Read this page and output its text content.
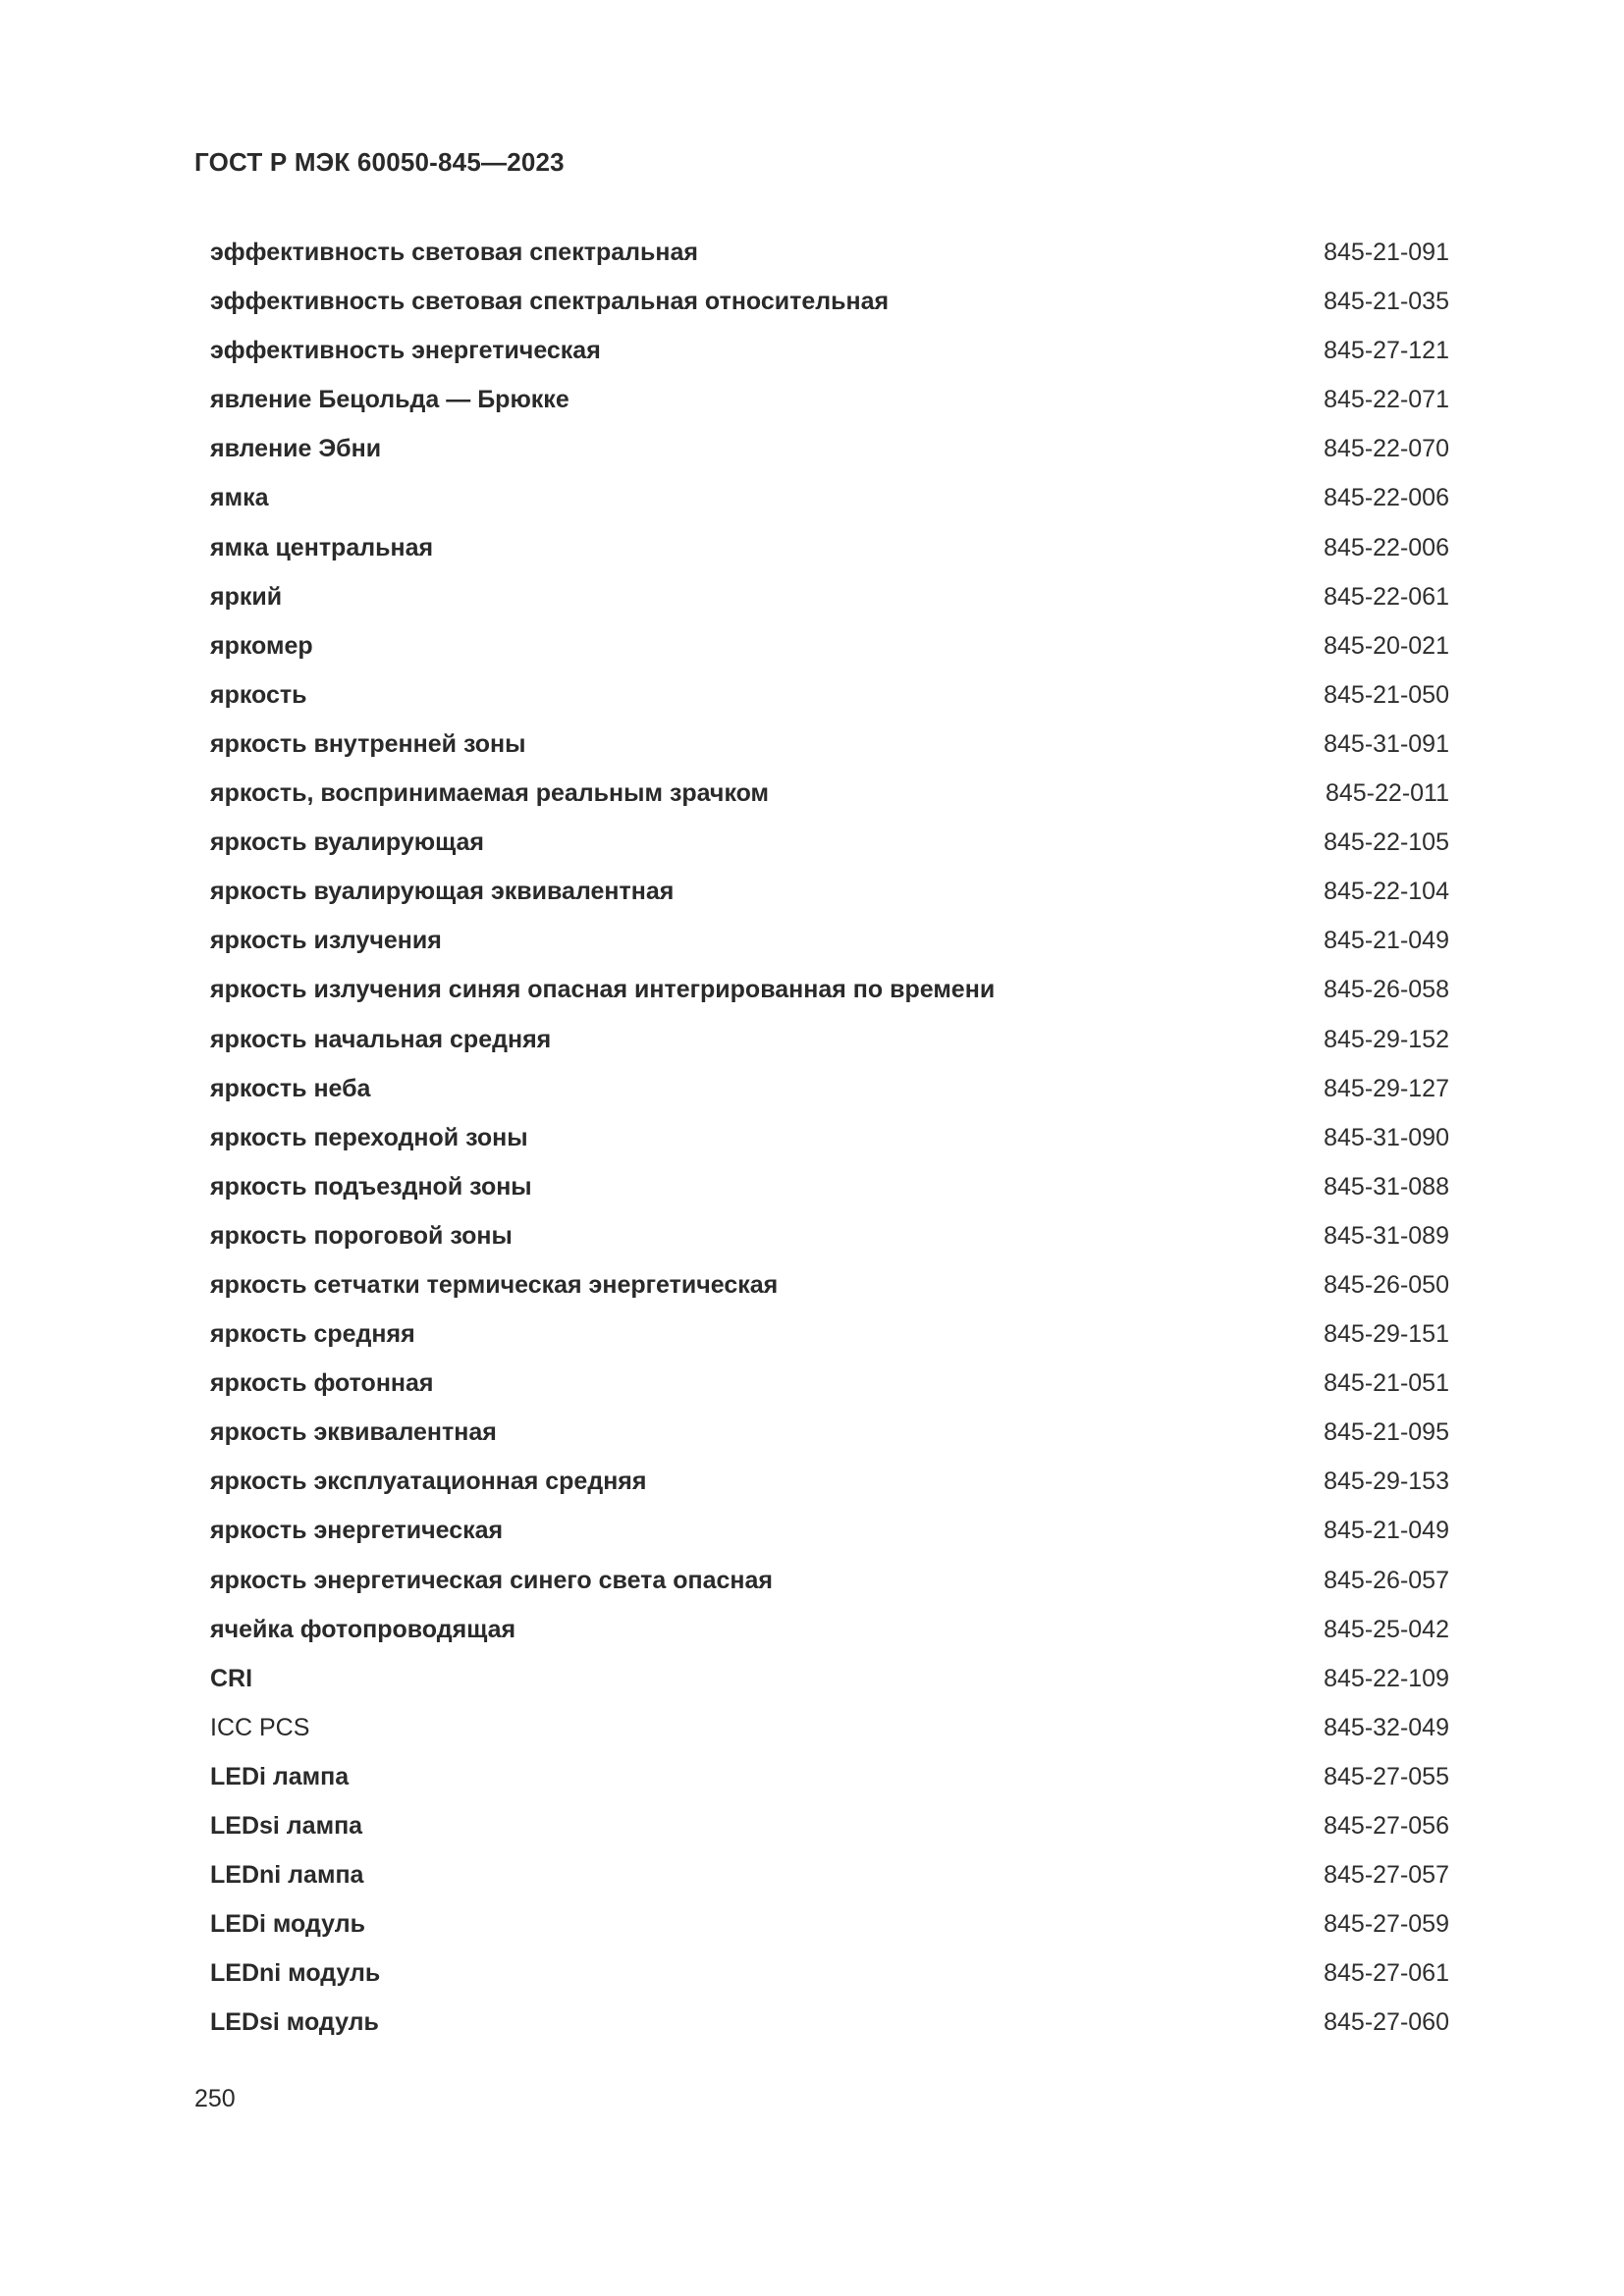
ГОСТ Р МЭК 60050-845—2023
эффективность световая спектральная	845-21-091
эффективность световая спектральная относительная	845-21-035
эффективность энергетическая	845-27-121
явление Бецольда — Брюкке	845-22-071
явление Эбни	845-22-070
ямка	845-22-006
ямка центральная	845-22-006
яркий	845-22-061
яркомер	845-20-021
яркость	845-21-050
яркость внутренней зоны	845-31-091
яркость, воспринимаемая реальным зрачком	845-22-011
яркость вуалирующая	845-22-105
яркость вуалирующая эквивалентная	845-22-104
яркость излучения	845-21-049
яркость излучения синяя опасная интегрированная по времени	845-26-058
яркость начальная средняя	845-29-152
яркость неба	845-29-127
яркость переходной зоны	845-31-090
яркость подъездной зоны	845-31-088
яркость пороговой зоны	845-31-089
яркость сетчатки термическая энергетическая	845-26-050
яркость средняя	845-29-151
яркость фотонная	845-21-051
яркость эквивалентная	845-21-095
яркость эксплуатационная средняя	845-29-153
яркость энергетическая	845-21-049
яркость энергетическая синего света опасная	845-26-057
ячейка фотопроводящая	845-25-042
CRI	845-22-109
ICC PCS	845-32-049
LEDi лампа	845-27-055
LEDsi лампа	845-27-056
LEDni лампа	845-27-057
LEDi модуль	845-27-059
LEDni модуль	845-27-061
LEDsi модуль	845-27-060
250
